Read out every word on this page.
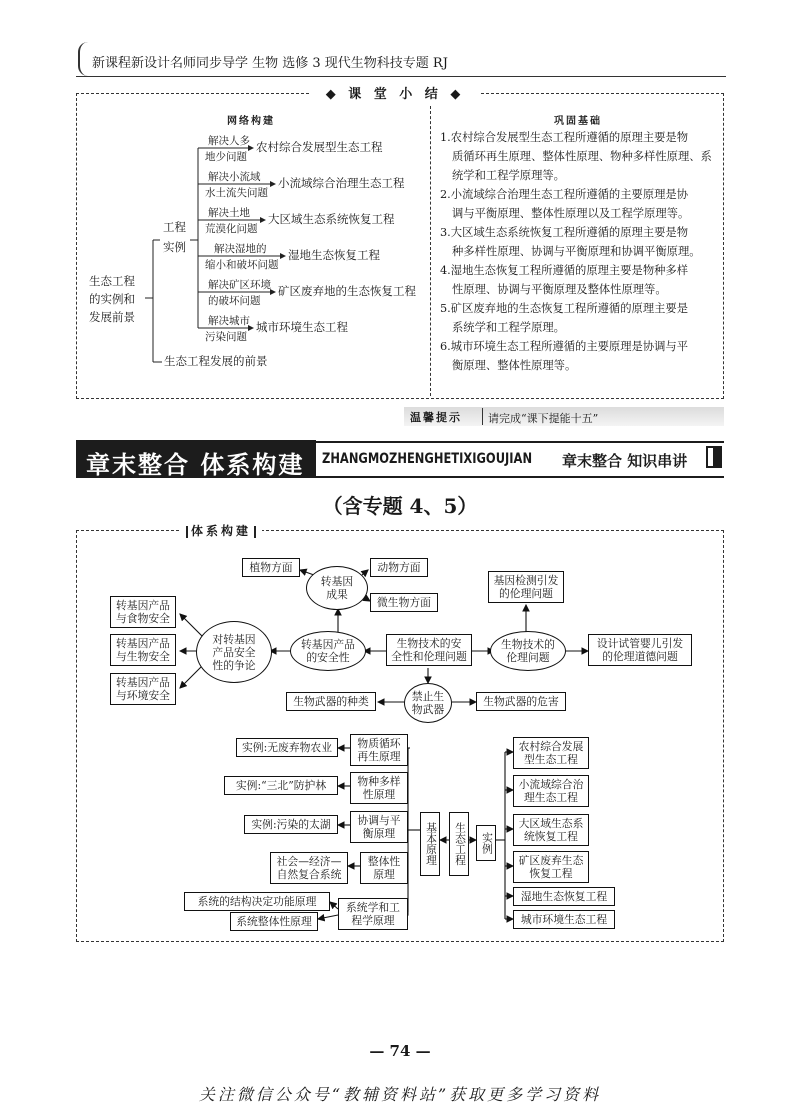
新课程新设计名师同步导学 生物 选修 3 现代生物科技专题 RJ
◆ 课 堂 小 结 ◆
网络构建	巩固基础
生态工程
的实例和
发展前景
工程
实例
生态工程发展的前景
解决人多
地少问题
解决小流域
水土流失问题
解决土地
荒漠化问题
解决湿地的
缩小和破坏问题
解决矿区环境
的破坏问题
解决城市
污染问题
农村综合发展型生态工程
小流域综合治理生态工程
大区域生态系统恢复工程
湿地生态恢复工程
矿区废弃地的生态恢复工程
城市环境生态工程

1.农村综合发展型生态工程所遵循的原理主要是物

质循环再生原理、整体性原理、物种多样性原理、系

统学和工程学原理等。

2.小流域综合治理生态工程所遵循的主要原理是协

调与平衡原理、整体性原理以及工程学原理等。

3.大区域生态系统恢复工程所遵循的原理主要是物

种多样性原理、协调与平衡原理和协调平衡原理。

4.湿地生态恢复工程所遵循的原理主要是物种多样

性原理、协调与平衡原理及整体性原理等。

5.矿区废弃地的生态恢复工程所遵循的原理主要是

系统学和工程学原理。

6.城市环境生态工程所遵循的主要原理是协调与平

衡原理、整体性原理等。

温馨提示 请完成“课下提能十五”
章末整合 体系构建 ZHANGMOZHENGHETIXIGOUJIAN 章末整合 知识串讲
（含专题 4、5）
体系构建
植物方面	动物方面
微生物方面
转基因
成果
转基因产品
与食物安全
转基因产品
与生物安全
转基因产品
与环境安全
对转基因
产品安全
性的争论
转基因产品
的安全性
生物技术的安
全性和伦理问题
生物技术的
伦理问题
基因检测引发
的伦理问题
设计试管婴儿引发
的伦理道德问题
禁止生
物武器
生物武器的种类	生物武器的危害
实例:无废弃物农业
实例:“三北”防护林
实例:污染的太湖
社会—经济—
自然复合系统
系统的结构决定功能原理
系统整体性原理
物质循环
再生原理
物种多样
性原理
协调与平
衡原理
整体性
原理
系统学和工
程学原理
基本原理	生态工程	实例
农村综合发展
型生态工程
小流域综合治
理生态工程
大区域生态系
统恢复工程
矿区废弃生态
恢复工程
湿地生态恢复工程
城市环境生态工程
— 74 —
关注微信公众号“教辅资料站”获取更多学习资料
